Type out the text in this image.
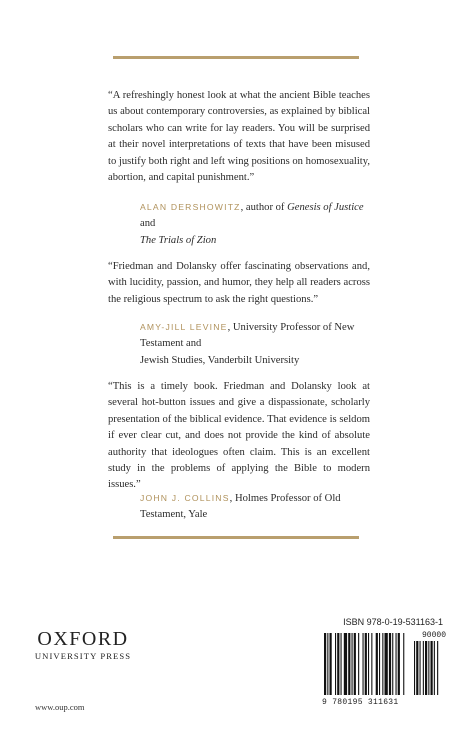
“A refreshingly honest look at what the ancient Bible teaches us about contemporary controversies, as explained by biblical scholars who can write for lay readers. You will be surprised at their novel interpretations of texts that have been misused to justify both right and left wing positions on homosexuality, abortion, and capital punishment.”

ALAN DERSHOWITZ, author of Genesis of Justice and
The Trials of Zion

“Friedman and Dolansky offer fascinating observations and, with lucidity, passion, and humor, they help all readers across the religious spectrum to ask the right questions.”

AMY-JILL LEVINE, University Professor of New Testament and
Jewish Studies, Vanderbilt University

“This is a timely book. Friedman and Dolansky look at several hot-button issues and give a dispassionate, scholarly presentation of the biblical evidence. That evidence is seldom if ever clear cut, and does not provide the kind of absolute authority that ideologues often claim. This is an excellent study in the problems of applying the Bible to modern issues.”

JOHN J. COLLINS, Holmes Professor of Old Testament, Yale

OXFORD
UNIVERSITY PRESS
www.oup.com
ISBN 978-0-19-531163-1
90000
9 780195 311631
